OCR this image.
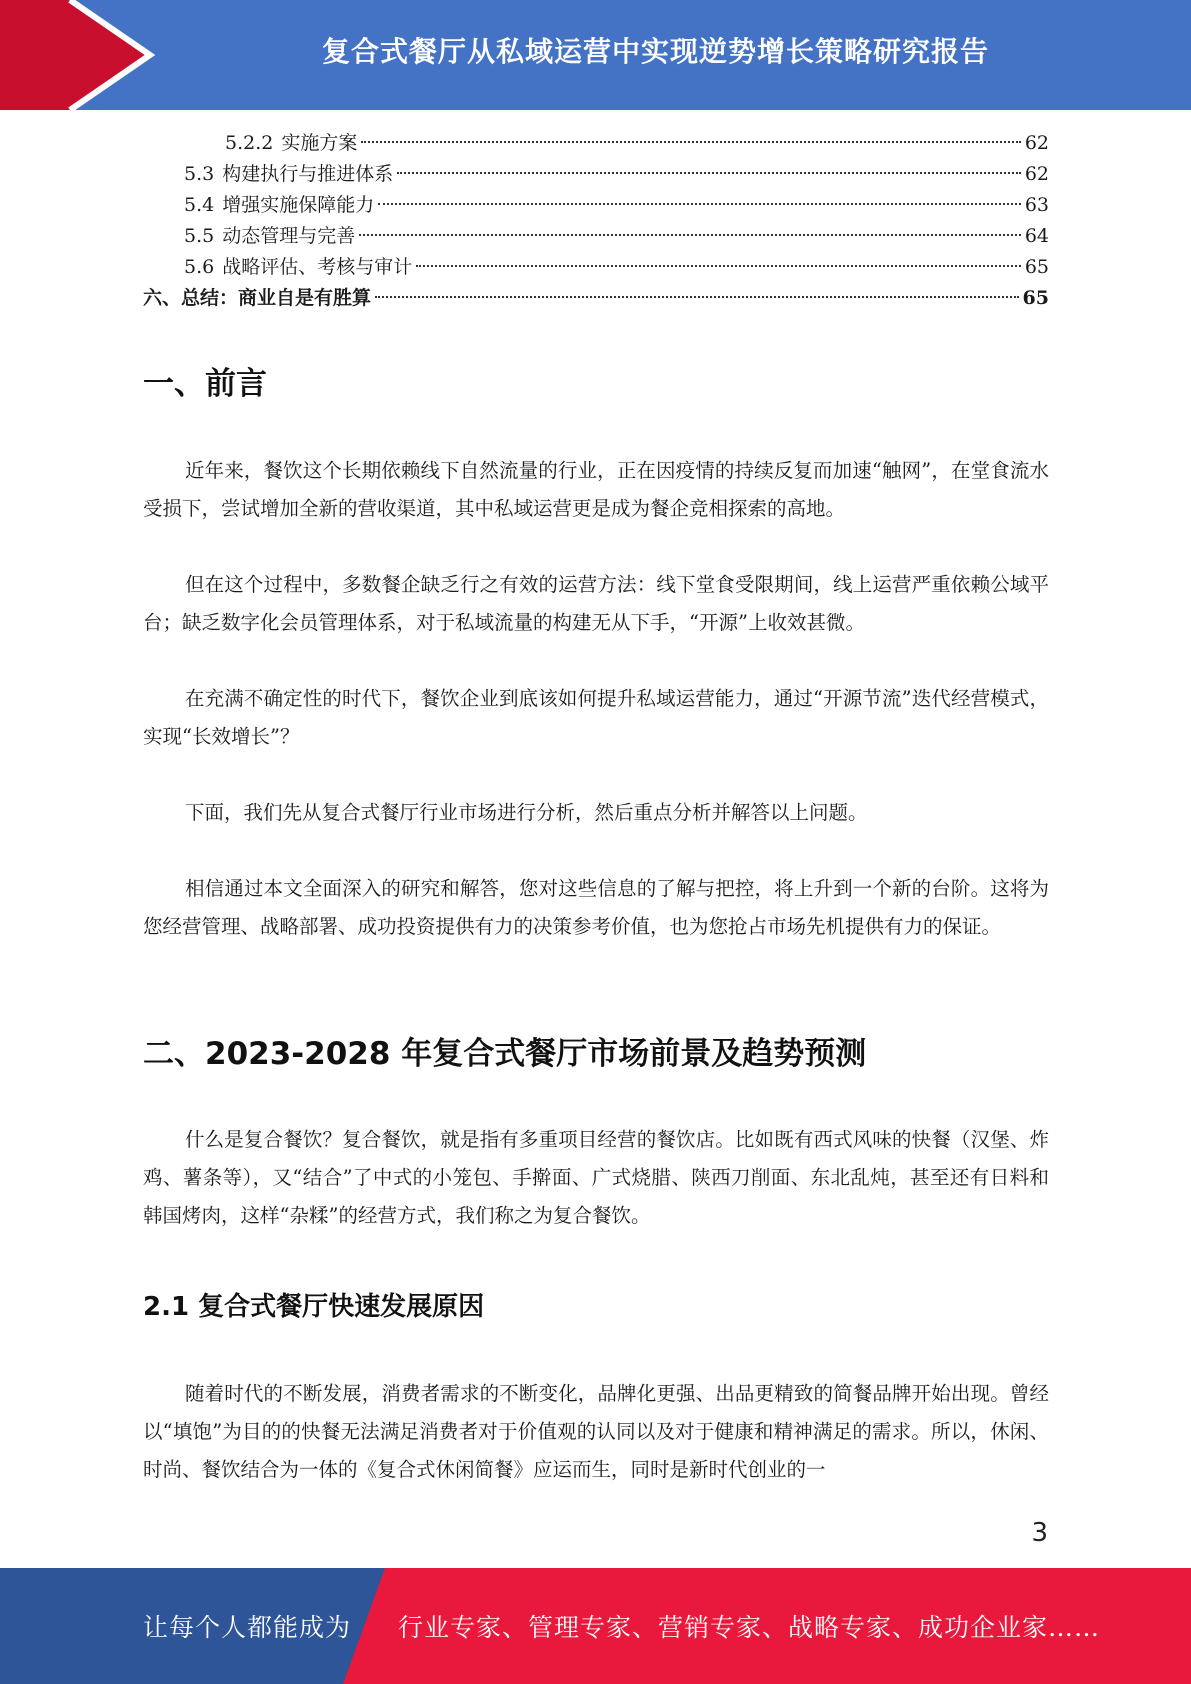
复合式餐厅从私域运营中实现逆势增长策略研究报告
5.2.2 实施方案	62
5.3 构建执行与推进体系	62
5.4 增强实施保障能力	63
5.5 动态管理与完善	64
5.6 战略评估、考核与审计	65
六、总结：商业自是有胜算	65
一、前言
近年来，餐饮这个长期依赖线下自然流量的行业，正在因疫情的持续反复而加速“触网”，在堂食流水受损下，尝试增加全新的营收渠道，其中私域运营更是成为餐企竞相探索的高地。
但在这个过程中，多数餐企缺乏行之有效的运营方法：线下堂食受限期间，线上运营严重依赖公域平台；缺乏数字化会员管理体系，对于私域流量的构建无从下手，“开源”上收效甚微。
在充满不确定性的时代下，餐饮企业到底该如何提升私域运营能力，通过“开源节流”迭代经营模式，实现“长效增长”？
下面，我们先从复合式餐厅行业市场进行分析，然后重点分析并解答以上问题。
相信通过本文全面深入的研究和解答，您对这些信息的了解与把控，将上升到一个新的台阶。这将为您经营管理、战略部署、成功投资提供有力的决策参考价值，也为您抢占市场先机提供有力的保证。
二、2023-2028 年复合式餐厅市场前景及趋势预测
什么是复合餐饮？复合餐饮，就是指有多重项目经营的餐饮店。比如既有西式风味的快餐（汉堡、炸鸡、薯条等），又“结合”了中式的小笼包、手擀面、广式烧腊、陕西刀削面、东北乱炖，甚至还有日料和韩国烤肉，这样“杂糅”的经营方式，我们称之为复合餐饮。
2.1 复合式餐厅快速发展原因
随着时代的不断发展，消费者需求的不断变化，品牌化更强、出品更精致的简餐品牌开始出现。曾经以“填饱”为目的的快餐无法满足消费者对于价值观的认同以及对于健康和精神满足的需求。所以，休闲、时尚、餐饮结合为一体的《复合式休闲简餐》应运而生，同时是新时代创业的一
3
让每个人都能成为 行业专家、管理专家、营销专家、战略专家、成功企业家……
